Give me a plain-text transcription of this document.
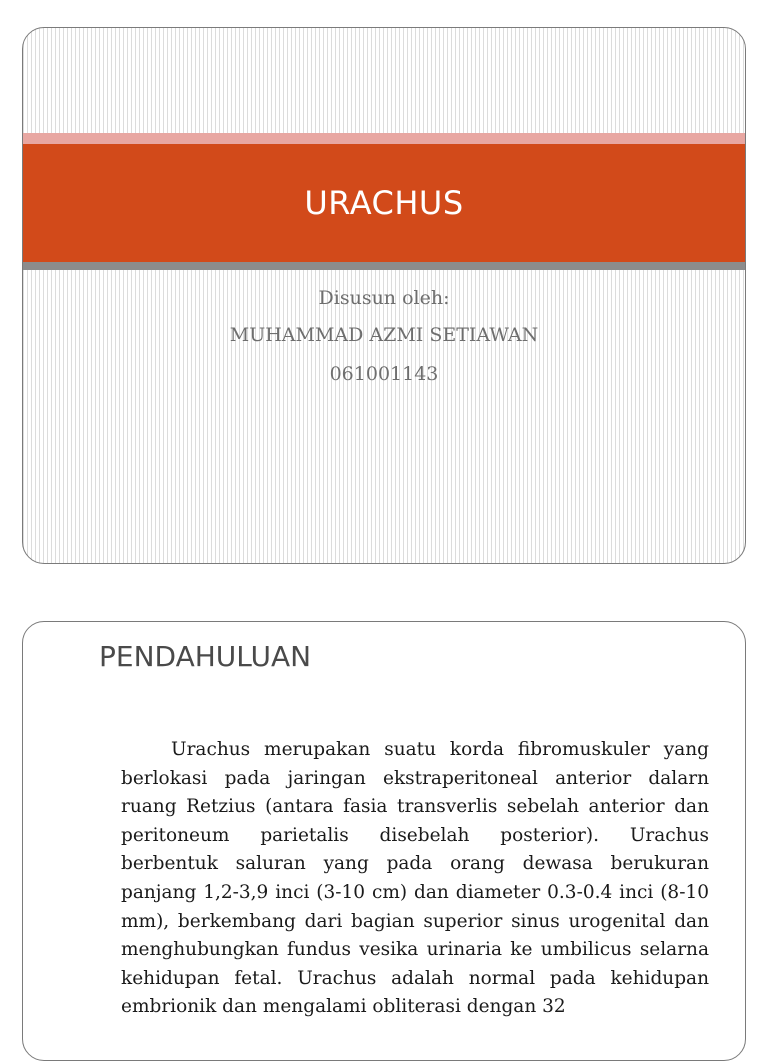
URACHUS
Disusun oleh:
MUHAMMAD AZMI SETIAWAN
061001143
PENDAHULUAN

Urachus merupakan suatu korda fibromuskuler yang berlokasi pada jaringan ekstraperitoneal anterior dalarn ruang Retzius (antara fasia transverlis sebelah anterior dan peritoneum parietalis disebelah posterior). Urachus berbentuk saluran yang pada orang dewasa berukuran panjang 1,2-3,9 inci (3-10 cm) dan diameter 0.3-0.4 inci (8-10 mm), berkembang dari bagian superior sinus urogenital dan menghubungkan fundus vesika urinaria ke umbilicus selarna kehidupan fetal. Urachus adalah normal pada kehidupan embrionik dan mengalami obliterasi dengan 32
